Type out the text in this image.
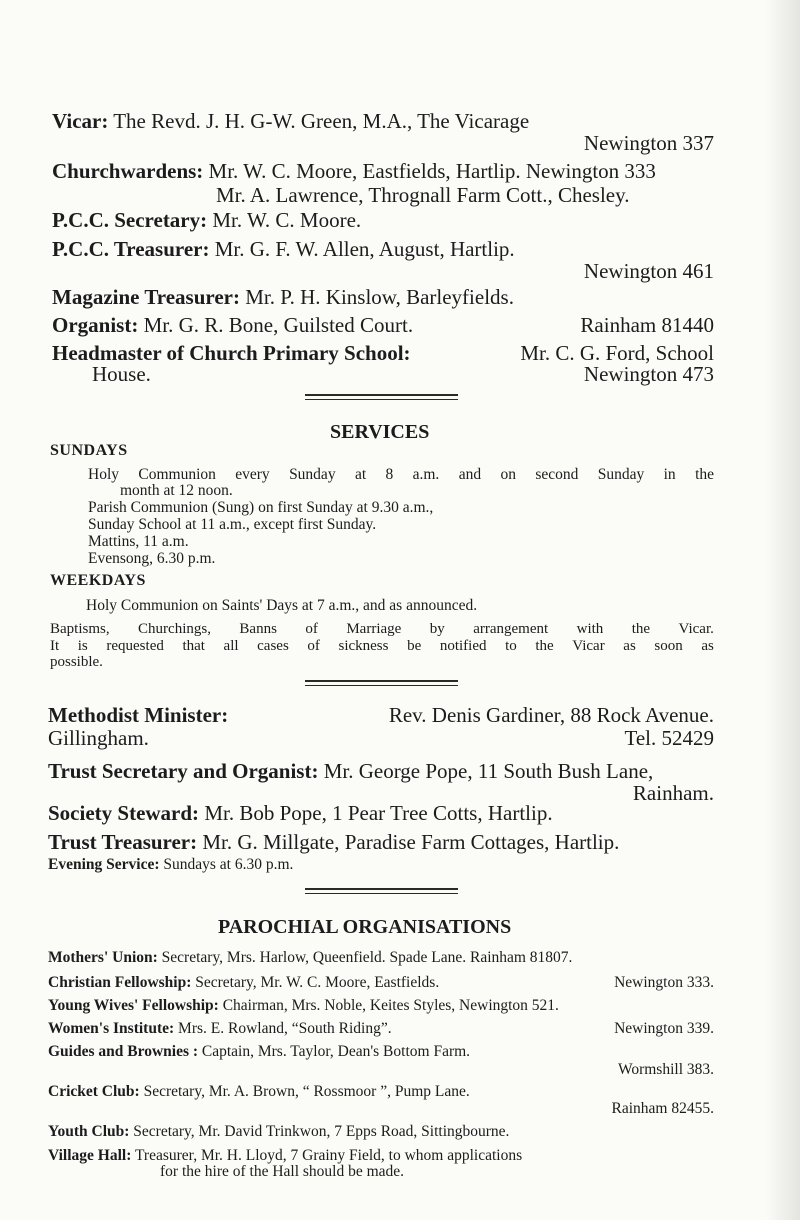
Vicar: The Revd. J. H. G-W. Green, M.A., The Vicarage
Newington 337
Churchwardens: Mr. W. C. Moore, Eastfields, Hartlip. Newington 333
Mr. A. Lawrence, Thrognall Farm Cott., Chesley.
P.C.C. Secretary: Mr. W. C. Moore.
P.C.C. Treasurer: Mr. G. F. W. Allen, August, Hartlip.
Newington 461
Magazine Treasurer: Mr. P. H. Kinslow, Barleyfields.
Organist: Mr. G. R. Bone, Guilsted Court.	Rainham 81440
Headmaster of Church Primary School:	Mr. C. G. Ford, School
House.	Newington 473
SERVICES
SUNDAYS
Holy Communion every Sunday at 8 a.m. and on second Sunday in the
month at 12 noon.
Parish Communion (Sung) on first Sunday at 9.30 a.m.,
Sunday School at 11 a.m., except first Sunday.
Mattins, 11 a.m.
Evensong, 6.30 p.m.
WEEKDAYS
Holy Communion on Saints' Days at 7 a.m., and as announced.
Baptisms, Churchings, Banns of Marriage by arrangement with the Vicar.
It is requested that all cases of sickness be notified to the Vicar as soon as
possible.
Methodist Minister:	Rev. Denis Gardiner, 88 Rock Avenue.
Gillingham.	Tel. 52429
Trust Secretary and Organist: Mr. George Pope, 11 South Bush Lane,
Rainham.
Society Steward: Mr. Bob Pope, 1 Pear Tree Cotts, Hartlip.
Trust Treasurer: Mr. G. Millgate, Paradise Farm Cottages, Hartlip.
Evening Service: Sundays at 6.30 p.m.
PAROCHIAL ORGANISATIONS
Mothers' Union: Secretary, Mrs. Harlow, Queenfield. Spade Lane. Rainham 81807.
Christian Fellowship: Secretary, Mr. W. C. Moore, Eastfields.	Newington 333.
Young Wives' Fellowship: Chairman, Mrs. Noble, Keites Styles, Newington 521.
Women's Institute: Mrs. E. Rowland, “South Riding”.	Newington 339.
Guides and Brownies : Captain, Mrs. Taylor, Dean's Bottom Farm.
Wormshill 383.
Cricket Club: Secretary, Mr. A. Brown, “ Rossmoor ”, Pump Lane.
Rainham 82455.
Youth Club: Secretary, Mr. David Trinkwon, 7 Epps Road, Sittingbourne.
Village Hall: Treasurer, Mr. H. Lloyd, 7 Grainy Field, to whom applications
for the hire of the Hall should be made.
